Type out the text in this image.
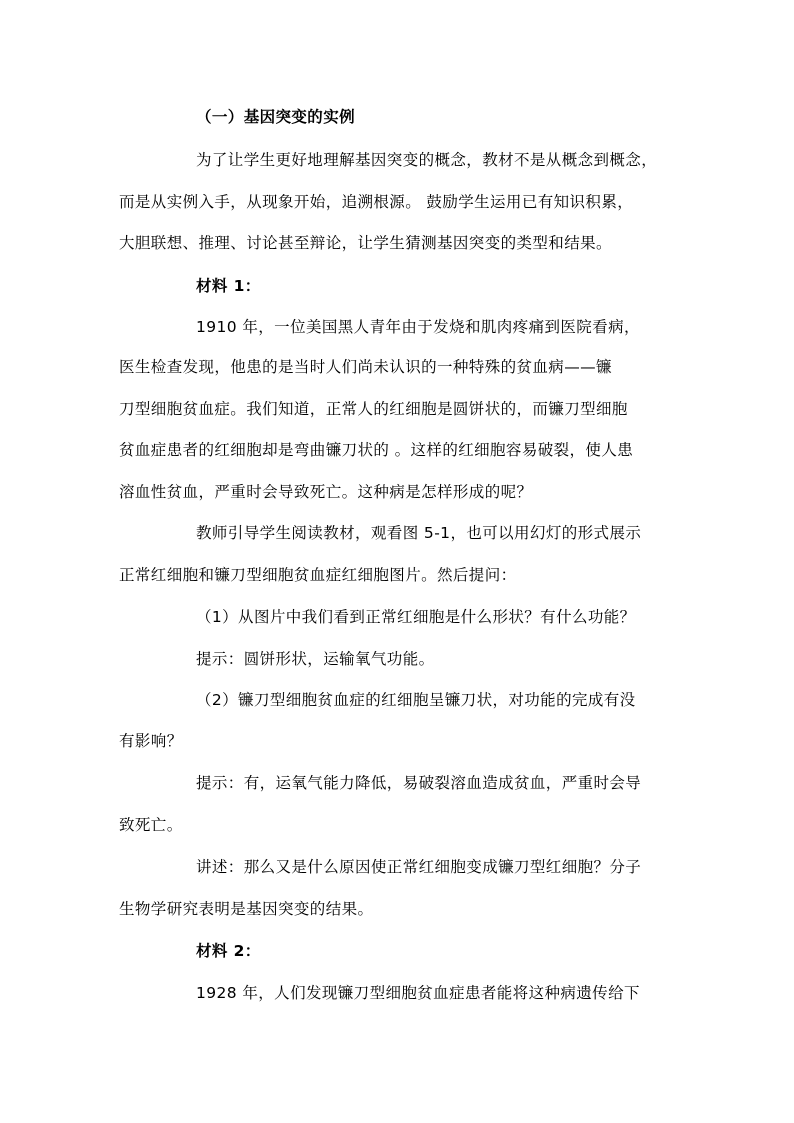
（一）基因突变的实例
为了让学生更好地理解基因突变的概念，教材不是从概念到概念，
而是从实例入手，从现象开始，追溯根源。 鼓励学生运用已有知识积累，
大胆联想、推理、讨论甚至辩论，让学生猜测基因突变的类型和结果。
材料 1：
1910 年，一位美国黑人青年由于发烧和肌肉疼痛到医院看病，
医生检查发现，他患的是当时人们尚未认识的一种特殊的贫血病——镰
刀型细胞贫血症。我们知道，正常人的红细胞是圆饼状的，而镰刀型细胞
贫血症患者的红细胞却是弯曲镰刀状的 。这样的红细胞容易破裂，使人患
溶血性贫血，严重时会导致死亡。这种病是怎样形成的呢？
教师引导学生阅读教材，观看图 5-1，也可以用幻灯的形式展示
正常红细胞和镰刀型细胞贫血症红细胞图片。然后提问：
（1）从图片中我们看到正常红细胞是什么形状？有什么功能？
提示：圆饼形状，运输氧气功能。
（2）镰刀型细胞贫血症的红细胞呈镰刀状，对功能的完成有没
有影响？
提示：有，运氧气能力降低，易破裂溶血造成贫血，严重时会导
致死亡。
讲述：那么又是什么原因使正常红细胞变成镰刀型红细胞？分子
生物学研究表明是基因突变的结果。
材料 2：
1928 年，人们发现镰刀型细胞贫血症患者能将这种病遗传给下
